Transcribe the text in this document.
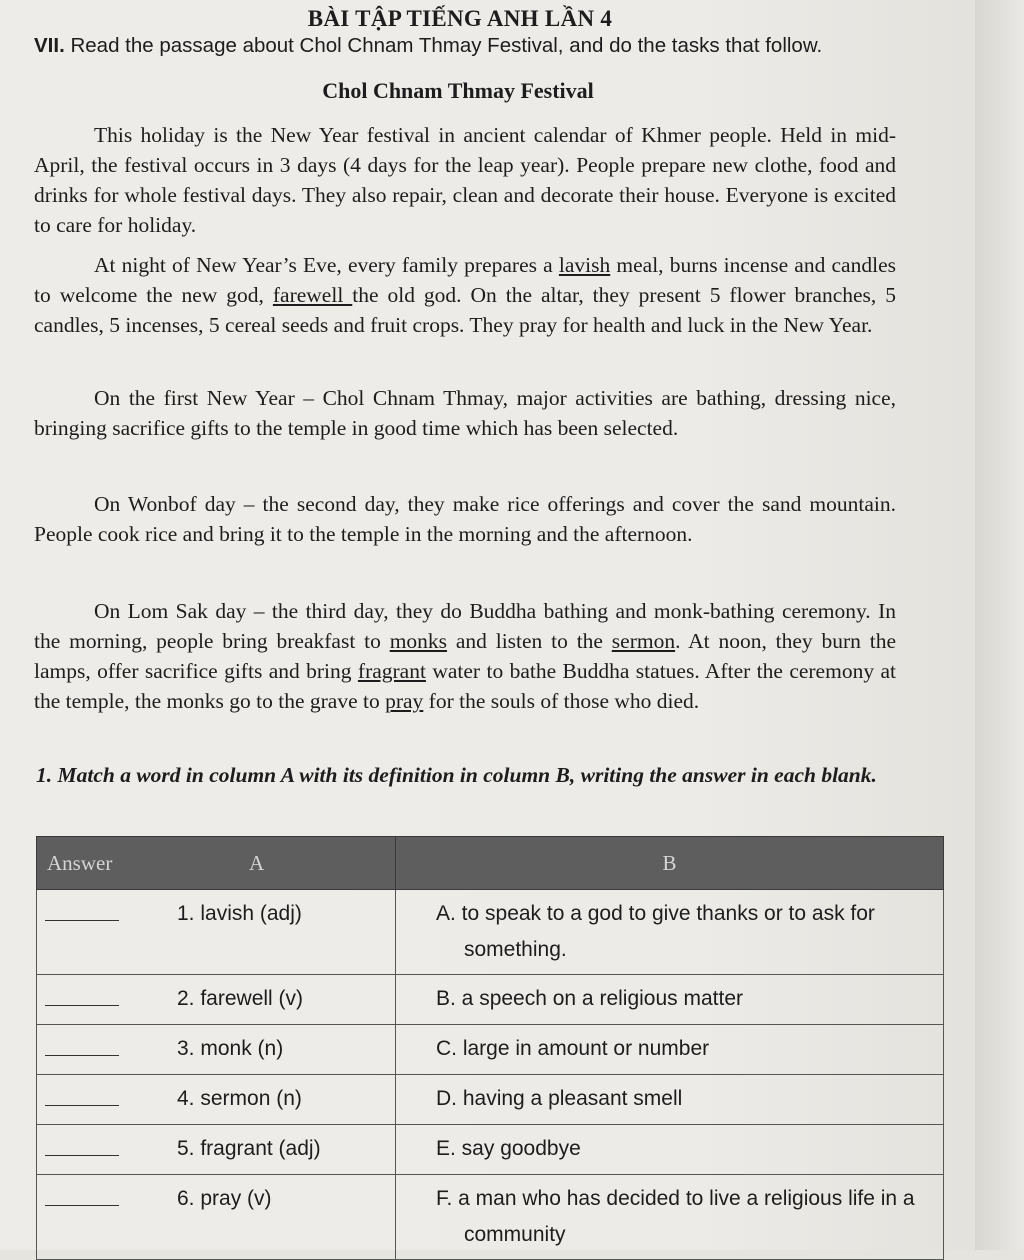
BÀI TẬP TIẾNG ANH LẦN 4
VII. Read the passage about Chol Chnam Thmay Festival, and do the tasks that follow.
Chol Chnam Thmay Festival
This holiday is the New Year festival in ancient calendar of Khmer people. Held in mid-April, the festival occurs in 3 days (4 days for the leap year). People prepare new clothe, food and drinks for whole festival days. They also repair, clean and decorate their house. Everyone is excited to care for holiday.
At night of New Year’s Eve, every family prepares a lavish meal, burns incense and candles to welcome the new god, farewell the old god. On the altar, they present 5 flower branches, 5 candles, 5 incenses, 5 cereal seeds and fruit crops. They pray for health and luck in the New Year.
On the first New Year – Chol Chnam Thmay, major activities are bathing, dressing nice, bringing sacrifice gifts to the temple in good time which has been selected.
On Wonbof day – the second day, they make rice offerings and cover the sand mountain. People cook rice and bring it to the temple in the morning and the afternoon.
On Lom Sak day – the third day, they do Buddha bathing and monk-bathing ceremony. In the morning, people bring breakfast to monks and listen to the sermon. At noon, they burn the lamps, offer sacrifice gifts and bring fragrant water to bathe Buddha statues. After the ceremony at the temple, the monks go to the grave to pray for the souls of those who died.
1. Match a word in column A with its definition in column B, writing the answer in each blank.
Answer	A	B
	1. lavish (adj)	A. to speak to a god to give thanks or to ask for
something.

	2. farewell (v)	B. a speech on a religious matter
	3. monk (n)	C. large in amount or number
	4. sermon (n)	D. having a pleasant smell
	5. fragrant (adj)	E. say goodbye
	6. pray (v)	F. a man who has decided to live a religious life in a
community
